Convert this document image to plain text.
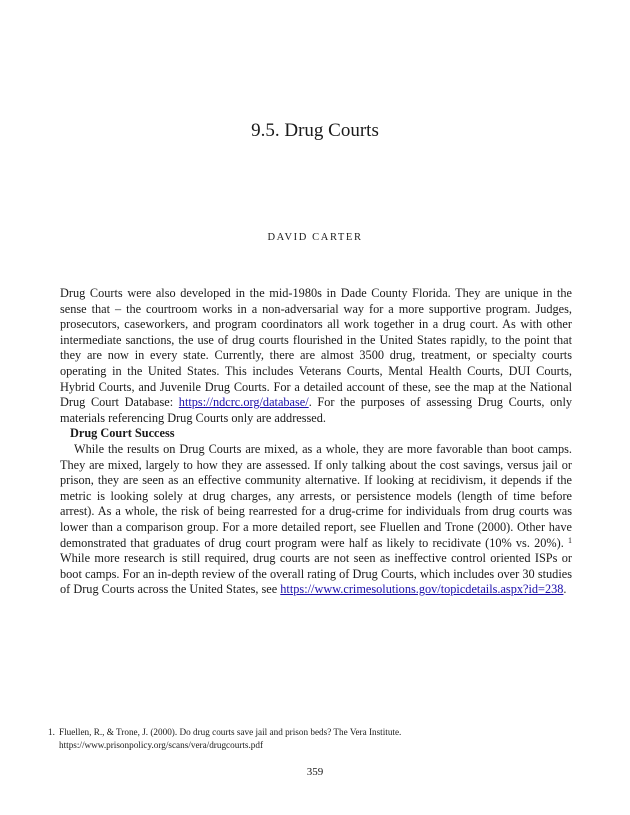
9.5. Drug Courts
DAVID CARTER

Drug Courts were also developed in the mid-1980s in Dade County Florida. They are unique in the sense that – the courtroom works in a non-adversarial way for a more supportive program. Judges, prosecutors, caseworkers, and program coordinators all work together in a drug court. As with other intermediate sanctions, the use of drug courts flourished in the United States rapidly, to the point that they are now in every state. Currently, there are almost 3500 drug, treatment, or specialty courts operating in the United States. This includes Veterans Courts, Mental Health Courts, DUI Courts, Hybrid Courts, and Juvenile Drug Courts. For a detailed account of these, see the map at the National Drug Court Database: https://ndcrc.org/database/. For the purposes of assessing Drug Courts, only materials referencing Drug Courts only are addressed.

Drug Court Success

While the results on Drug Courts are mixed, as a whole, they are more favorable than boot camps. They are mixed, largely to how they are assessed. If only talking about the cost savings, versus jail or prison, they are seen as an effective community alternative. If looking at recidivism, it depends if the metric is looking solely at drug charges, any arrests, or persistence models (length of time before arrest). As a whole, the risk of being rearrested for a drug-crime for individuals from drug courts was lower than a comparison group. For a more detailed report, see Fluellen and Trone (2000). Other have demonstrated that graduates of drug court program were half as likely to recidivate (10% vs. 20%). $^1$ While more research is still required, drug courts are not seen as ineffective control oriented ISPs or boot camps. For an in-depth review of the overall rating of Drug Courts, which includes over 30 studies of Drug Courts across the United States, see https://www.crimesolutions.gov/topicdetails.aspx?id=238.

1. Fluellen, R., & Trone, J. (2000). Do drug courts save jail and prison beds? The Vera Institute. https://www.prisonpolicy.org/scans/vera/drugcourts.pdf
359
